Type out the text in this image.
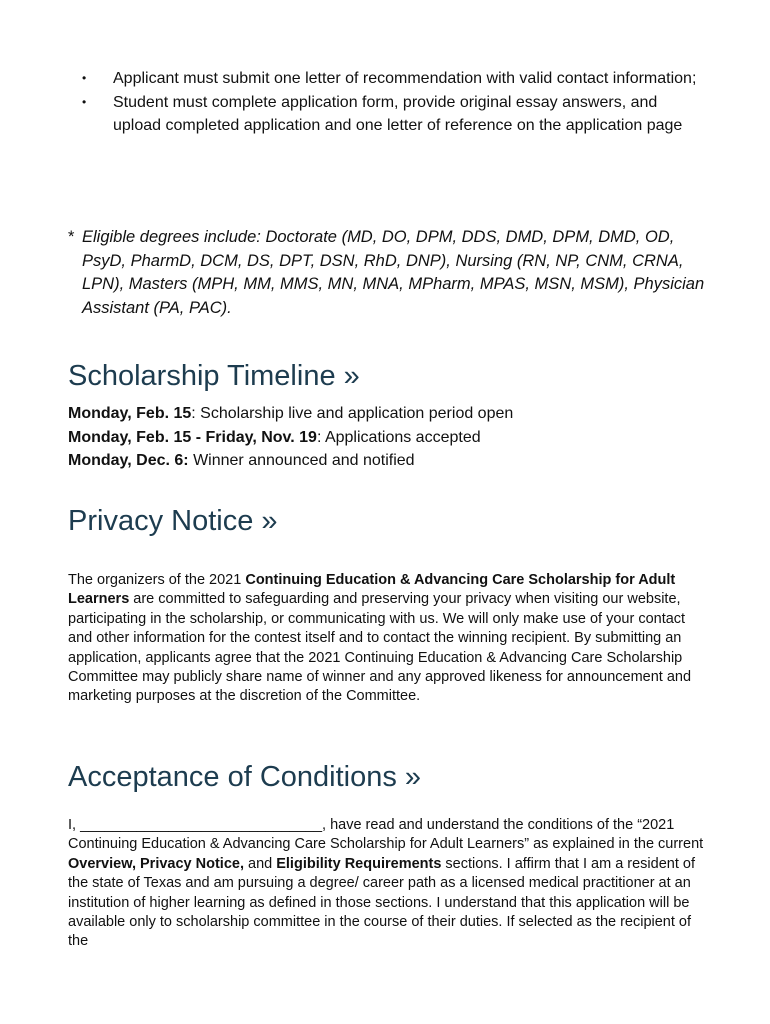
• Applicant must submit one letter of recommendation with valid contact information;
• Student must complete application form, provide original essay answers, and upload completed application and one letter of reference on the application page
* Eligible degrees include: Doctorate (MD, DO, DPM, DDS, DMD, DPM, DMD, OD, PsyD, PharmD, DCM, DS, DPT, DSN, RhD, DNP), Nursing (RN, NP, CNM, CRNA, LPN), Masters (MPH, MM, MMS, MN, MNA, MPharm, MPAS, MSN, MSM), Physician Assistant (PA, PAC).
Scholarship Timeline »
Monday, Feb. 15: Scholarship live and application period open
Monday, Feb. 15 - Friday, Nov. 19: Applications accepted
Monday, Dec. 6: Winner announced and notified
Privacy Notice »
The organizers of the 2021 Continuing Education & Advancing Care Scholarship for Adult Learners are committed to safeguarding and preserving your privacy when visiting our website, participating in the scholarship, or communicating with us. We will only make use of your contact and other information for the contest itself and to contact the winning recipient. By submitting an application, applicants agree that the 2021 Continuing Education & Advancing Care Scholarship Committee may publicly share name of winner and any approved likeness for announcement and marketing purposes at the discretion of the Committee.
Acceptance of Conditions »
I, ______________________________, have read and understand the conditions of the “2021 Continuing Education & Advancing Care Scholarship for Adult Learners” as explained in the current Overview, Privacy Notice, and Eligibility Requirements sections. I affirm that I am a resident of the state of Texas and am pursuing a degree/ career path as a licensed medical practitioner at an institution of higher learning as defined in those sections. I understand that this application will be available only to scholarship committee in the course of their duties. If selected as the recipient of the
